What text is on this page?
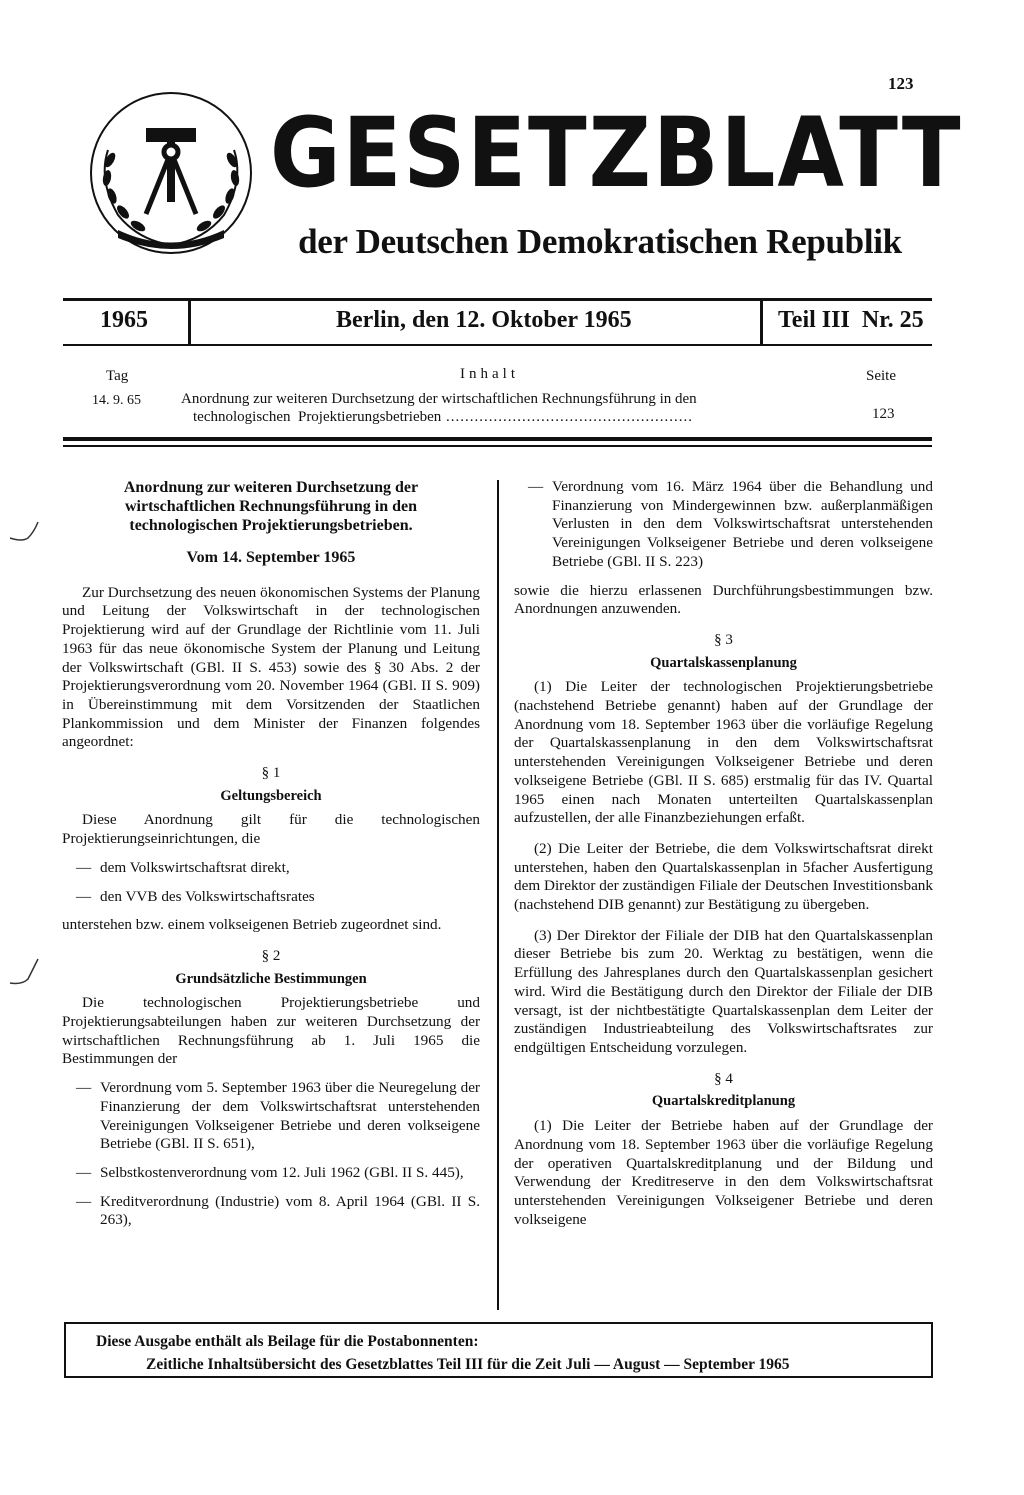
123
GESETZBLATT
der Deutschen Demokratischen Republik
1965	Berlin, den 12. Oktober 1965	Teil III  Nr. 25
Tag	Inhalt	Seite
14. 9. 65	Anordnung zur weiteren Durchsetzung der wirtschaftlichen Rechnungsführung in den
technologischen  Projektierungsbetrieben ....................................................	123
Anordnung zur weiteren Durchsetzung der wirtschaftlichen Rechnungsführung in den technologischen Projektierungsbetrieben.
Vom 14. September 1965

Zur Durchsetzung des neuen ökonomischen Systems der Planung und Leitung der Volkswirtschaft in der technologischen Projektierung wird auf der Grundlage der Richtlinie vom 11. Juli 1963 für das neue ökonomische System der Planung und Leitung der Volkswirtschaft (GBl. II S. 453) sowie des § 30 Abs. 2 der Projektierungsverordnung vom 20. November 1964 (GBl. II S. 909) in Übereinstimmung mit dem Vorsitzenden der Staatlichen Plankommission und dem Minister der Finanzen folgendes angeordnet:

§ 1
Geltungsbereich

Diese Anordnung gilt für die technologischen Projektierungseinrichtungen, die

— dem Volkswirtschaftsrat direkt,
— den VVB des Volkswirtschaftsrates

unterstehen bzw. einem volkseigenen Betrieb zugeordnet sind.

§ 2
Grundsätzliche Bestimmungen

Die technologischen Projektierungsbetriebe und Projektierungsabteilungen haben zur weiteren Durchsetzung der wirtschaftlichen Rechnungsführung ab 1. Juli 1965 die Bestimmungen der

— Verordnung vom 5. September 1963 über die Neuregelung der Finanzierung der dem Volkswirtschaftsrat unterstehenden Vereinigungen Volkseigener Betriebe und deren volkseigene Betriebe (GBl. II S. 651),
— Selbstkostenverordnung vom 12. Juli 1962 (GBl. II S. 445),
— Kreditverordnung (Industrie) vom 8. April 1964 (GBl. II S. 263),
— Verordnung vom 16. März 1964 über die Behandlung und Finanzierung von Mindergewinnen bzw. außerplanmäßigen Verlusten in den dem Volkswirtschaftsrat unterstehenden Vereinigungen Volkseigener Betriebe und deren volkseigene Betriebe (GBl. II S. 223)

sowie die hierzu erlassenen Durchführungsbestimmungen bzw. Anordnungen anzuwenden.

§ 3
Quartalskassenplanung
(1) Die Leiter der technologischen Projektierungsbetriebe (nachstehend Betriebe genannt) haben auf der Grundlage der Anordnung vom 18. September 1963 über die vorläufige Regelung der Quartalskassenplanung in den dem Volkswirtschaftsrat unterstehenden Vereinigungen Volkseigener Betriebe und deren volkseigene Betriebe (GBl. II S. 685) erstmalig für das IV. Quartal 1965 einen nach Monaten unterteilten Quartalskassenplan aufzustellen, der alle Finanzbeziehungen erfaßt.
(2) Die Leiter der Betriebe, die dem Volkswirtschaftsrat direkt unterstehen, haben den Quartalskassenplan in 5facher Ausfertigung dem Direktor der zuständigen Filiale der Deutschen Investitionsbank (nachstehend DIB genannt) zur Bestätigung zu übergeben.
(3) Der Direktor der Filiale der DIB hat den Quartalskassenplan dieser Betriebe bis zum 20. Werktag zu bestätigen, wenn die Erfüllung des Jahresplanes durch den Quartalskassenplan gesichert wird. Wird die Bestätigung durch den Direktor der Filiale der DIB versagt, ist der nichtbestätigte Quartalskassenplan dem Leiter der zuständigen Industrieabteilung des Volkswirtschaftsrates zur endgültigen Entscheidung vorzulegen.
§ 4
Quartalskreditplanung
(1) Die Leiter der Betriebe haben auf der Grundlage der Anordnung vom 18. September 1963 über die vorläufige Regelung der operativen Quartalskreditplanung und der Bildung und Verwendung der Kreditreserve in den dem Volkswirtschaftsrat unterstehenden Vereinigungen Volkseigener Betriebe und deren volkseigene
Diese Ausgabe enthält als Beilage für die Postabonnenten:
Zeitliche Inhaltsübersicht des Gesetzblattes Teil III für die Zeit Juli — August — September 1965
